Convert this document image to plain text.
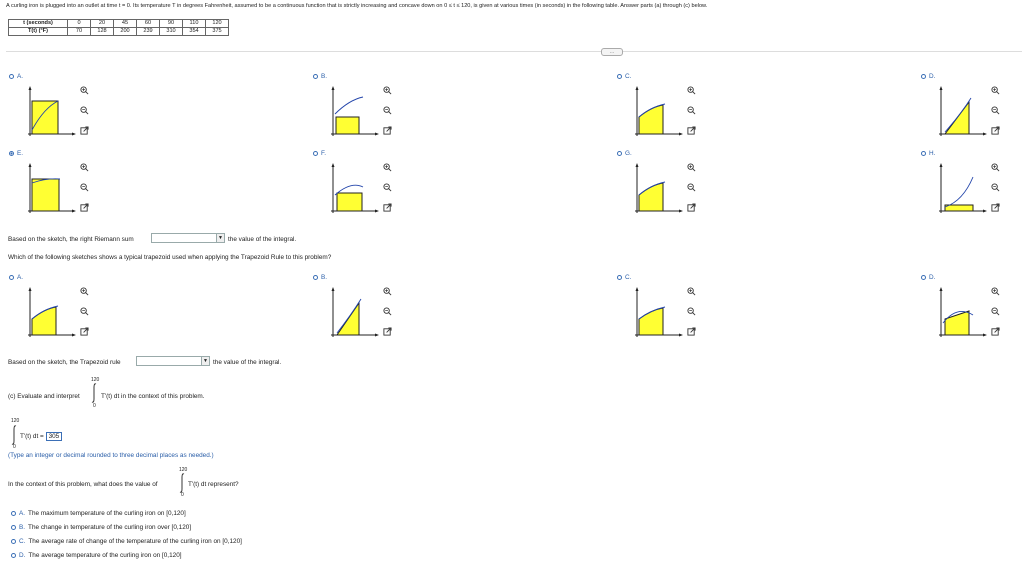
A curling iron is plugged into an outlet at time t = 0. Its temperature T in degrees Fahrenheit, assumed to be a continuous function that is strictly increasing and concave down on 0 ≤ t ≤ 120, is given at various times (in seconds) in the following table. Answer parts (a) through (c) below.
t (seconds)	0	20	45	60	90	110	120
T(t) (°F)	70	128	200	239	310	354	375
…
A.	B.	C.	D.
E.	F.	G.	H.
Based on the sketch, the right Riemann sum	▼ the value of the integral.
Which of the following sketches shows a typical trapezoid used when applying the Trapezoid Rule to this problem?
A.	B.	C.	D.
Based on the sketch, the Trapezoid rule	▼ the value of the integral.
120
(c) Evaluate and interpret	T'(t) dt in the context of this problem.
0
120
T'(t) dt = 305
0
(Type an integer or decimal rounded to three decimal places as needed.)
120
In the context of this problem, what does the value of	T'(t) dt represent?
0
A. The maximum temperature of the curling iron on [0,120]
B. The change in temperature of the curling iron over [0,120]
C. The average rate of change of the temperature of the curling iron on [0,120]
D. The average temperature of the curling iron on [0,120]
